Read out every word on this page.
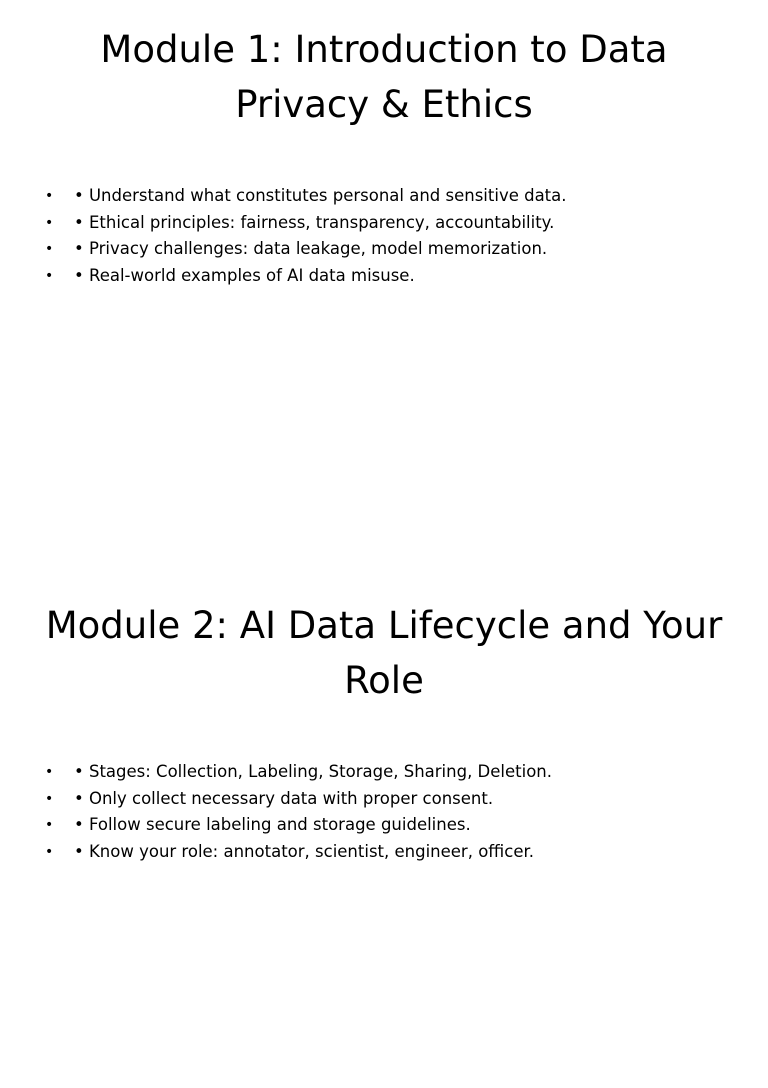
Module 1: Introduction to Data Privacy & Ethics
• • Understand what constitutes personal and sensitive data.
• • Ethical principles: fairness, transparency, accountability.
• • Privacy challenges: data leakage, model memorization.
• • Real-world examples of AI data misuse.
Module 2: AI Data Lifecycle and Your Role
• • Stages: Collection, Labeling, Storage, Sharing, Deletion.
• • Only collect necessary data with proper consent.
• • Follow secure labeling and storage guidelines.
• • Know your role: annotator, scientist, engineer, officer.
